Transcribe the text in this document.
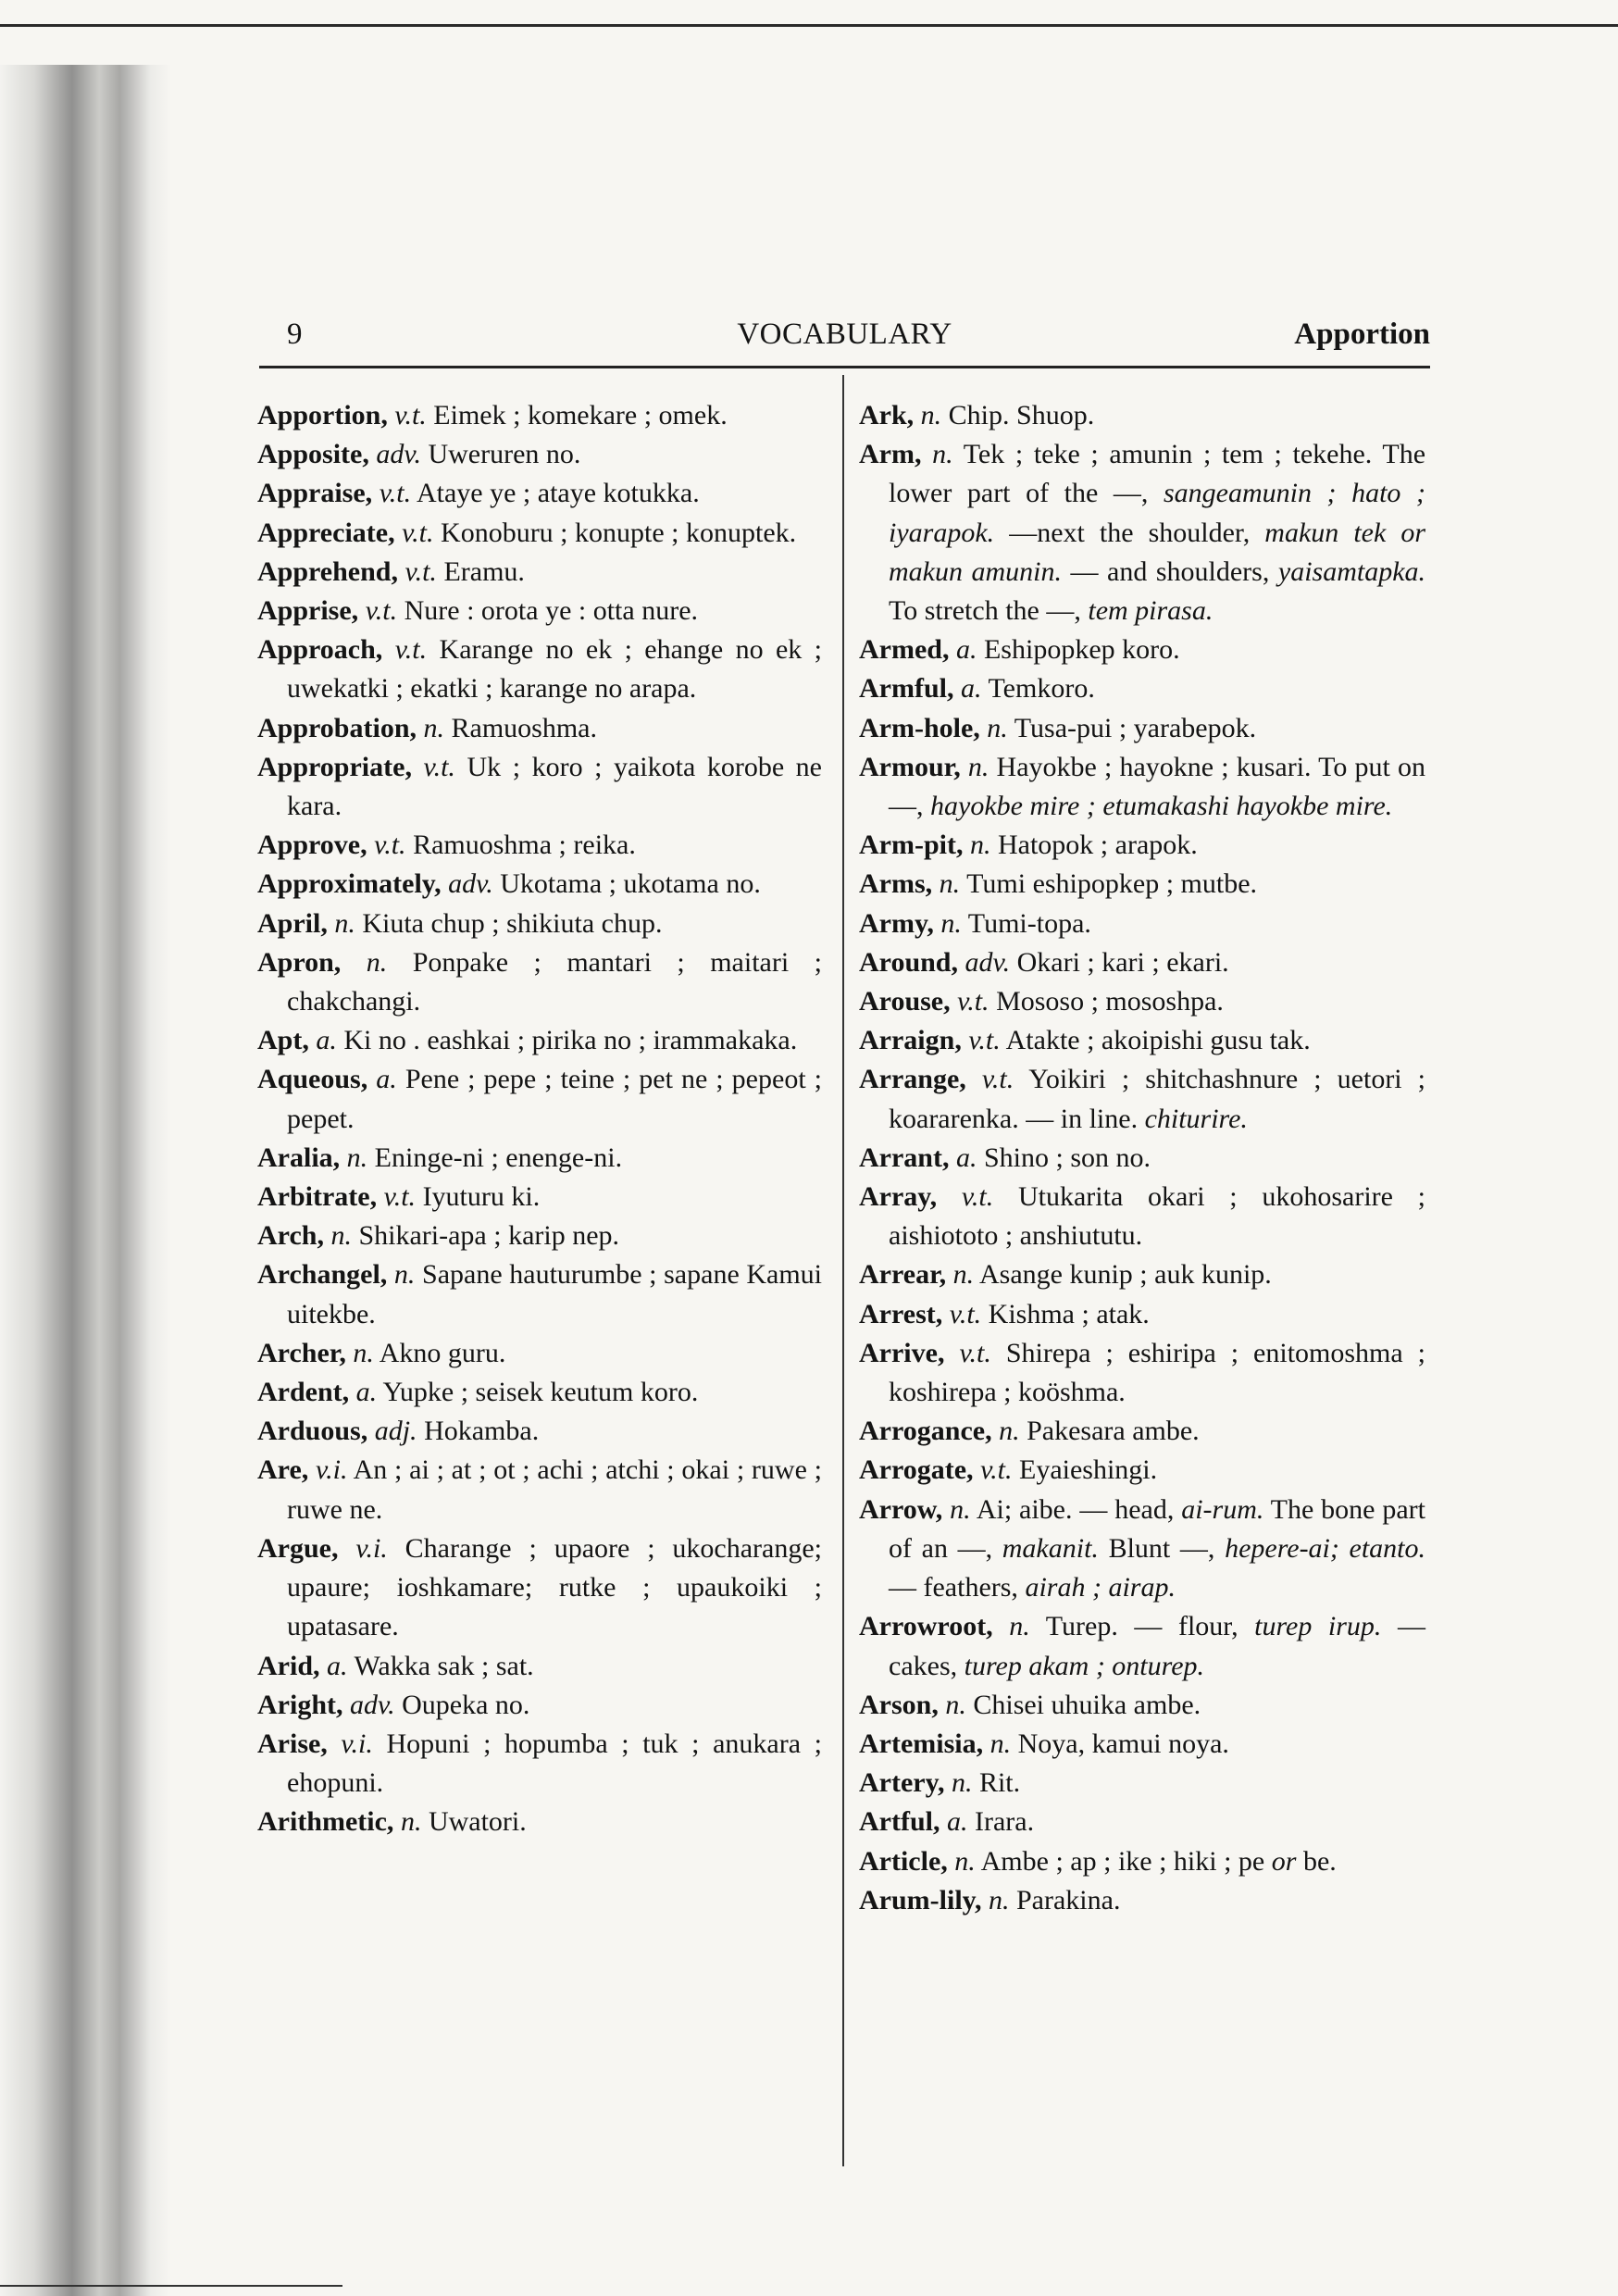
9	VOCABULARY	Apportion
Apportion, v.t. Eimek ; komekare ; omek.
Apposite, adv. Uweruren no.
Appraise, v.t. Ataye ye ; ataye kotukka.
Appreciate, v.t. Konoburu ; konupte ; konuptek.
Apprehend, v.t. Eramu.
Apprise, v.t. Nure : orota ye : otta nure.
Approach, v.t. Karange no ek ; ehange no ek ; uwekatki ; ekatki ; karange no arapa.
Approbation, n. Ramuoshma.
Appropriate, v.t. Uk ; koro ; yaikota korobe ne kara.
Approve, v.t. Ramuoshma ; reika.
Approximately, adv. Ukotama ; ukotama no.
April, n. Kiuta chup ; shikiuta chup.
Apron, n. Ponpake ; mantari ; maitari ; chakchangi.
Apt, a. Ki no . eashkai ; pirika no ; irammakaka.
Aqueous, a. Pene ; pepe ; teine ; pet ne ; pepeot ; pepet.
Aralia, n. Eninge-ni ; enenge-ni.
Arbitrate, v.t. Iyuturu ki.
Arch, n. Shikari-apa ; karip nep.
Archangel, n. Sapane hauturumbe ; sapane Kamui uitekbe.
Archer, n. Akno guru.
Ardent, a. Yupke ; seisek keutum koro.
Arduous, adj. Hokamba.
Are, v.i. An ; ai ; at ; ot ; achi ; atchi ; okai ; ruwe ; ruwe ne.
Argue, v.i. Charange ; upaore ; ukocharange; upaure; ioshkamare; rutke ; upaukoiki ; upatasare.
Arid, a. Wakka sak ; sat.
Aright, adv. Oupeka no.
Arise, v.i. Hopuni ; hopumba ; tuk ; anukara ; ehopuni.
Arithmetic, n. Uwatori.
Ark, n. Chip. Shuop.
Arm, n. Tek ; teke ; amunin ; tem ; tekehe. The lower part of the —, sangeamunin ; hato ; iyarapok. —next the shoulder, makun tek or makun amunin. — and shoulders, yaisamtapka. To stretch the —, tem pirasa.
Armed, a. Eshipopkep koro.
Armful, a. Temkoro.
Arm-hole, n. Tusa-pui ; yarabepok.
Armour, n. Hayokbe ; hayokne ; kusari. To put on —, hayokbe mire ; etumakashi hayokbe mire.
Arm-pit, n. Hatopok ; arapok.
Arms, n. Tumi eshipopkep ; mutbe.
Army, n. Tumi-topa.
Around, adv. Okari ; kari ; ekari.
Arouse, v.t. Mososo ; mososhpa.
Arraign, v.t. Atakte ; akoipishi gusu tak.
Arrange, v.t. Yoikiri ; shitchashnure ; uetori ; koararenka. — in line. chiturire.
Arrant, a. Shino ; son no.
Array, v.t. Utukarita okari ; ukohosarire ; aishiototo ; anshiututu.
Arrear, n. Asange kunip ; auk kunip.
Arrest, v.t. Kishma ; atak.
Arrive, v.t. Shirepa ; eshiripa ; enitomoshma ; koshirepa ; koöshma.
Arrogance, n. Pakesara ambe.
Arrogate, v.t. Eyaieshingi.
Arrow, n. Ai; aibe. — head, ai-rum. The bone part of an —, makanit. Blunt —, hepere-ai; etanto. — feathers, airah ; airap.
Arrowroot, n. Turep. — flour, turep irup. — cakes, turep akam ; onturep.
Arson, n. Chisei uhuika ambe.
Artemisia, n. Noya, kamui noya.
Artery, n. Rit.
Artful, a. Irara.
Article, n. Ambe ; ap ; ike ; hiki ; pe or be.
Arum-lily, n. Parakina.
